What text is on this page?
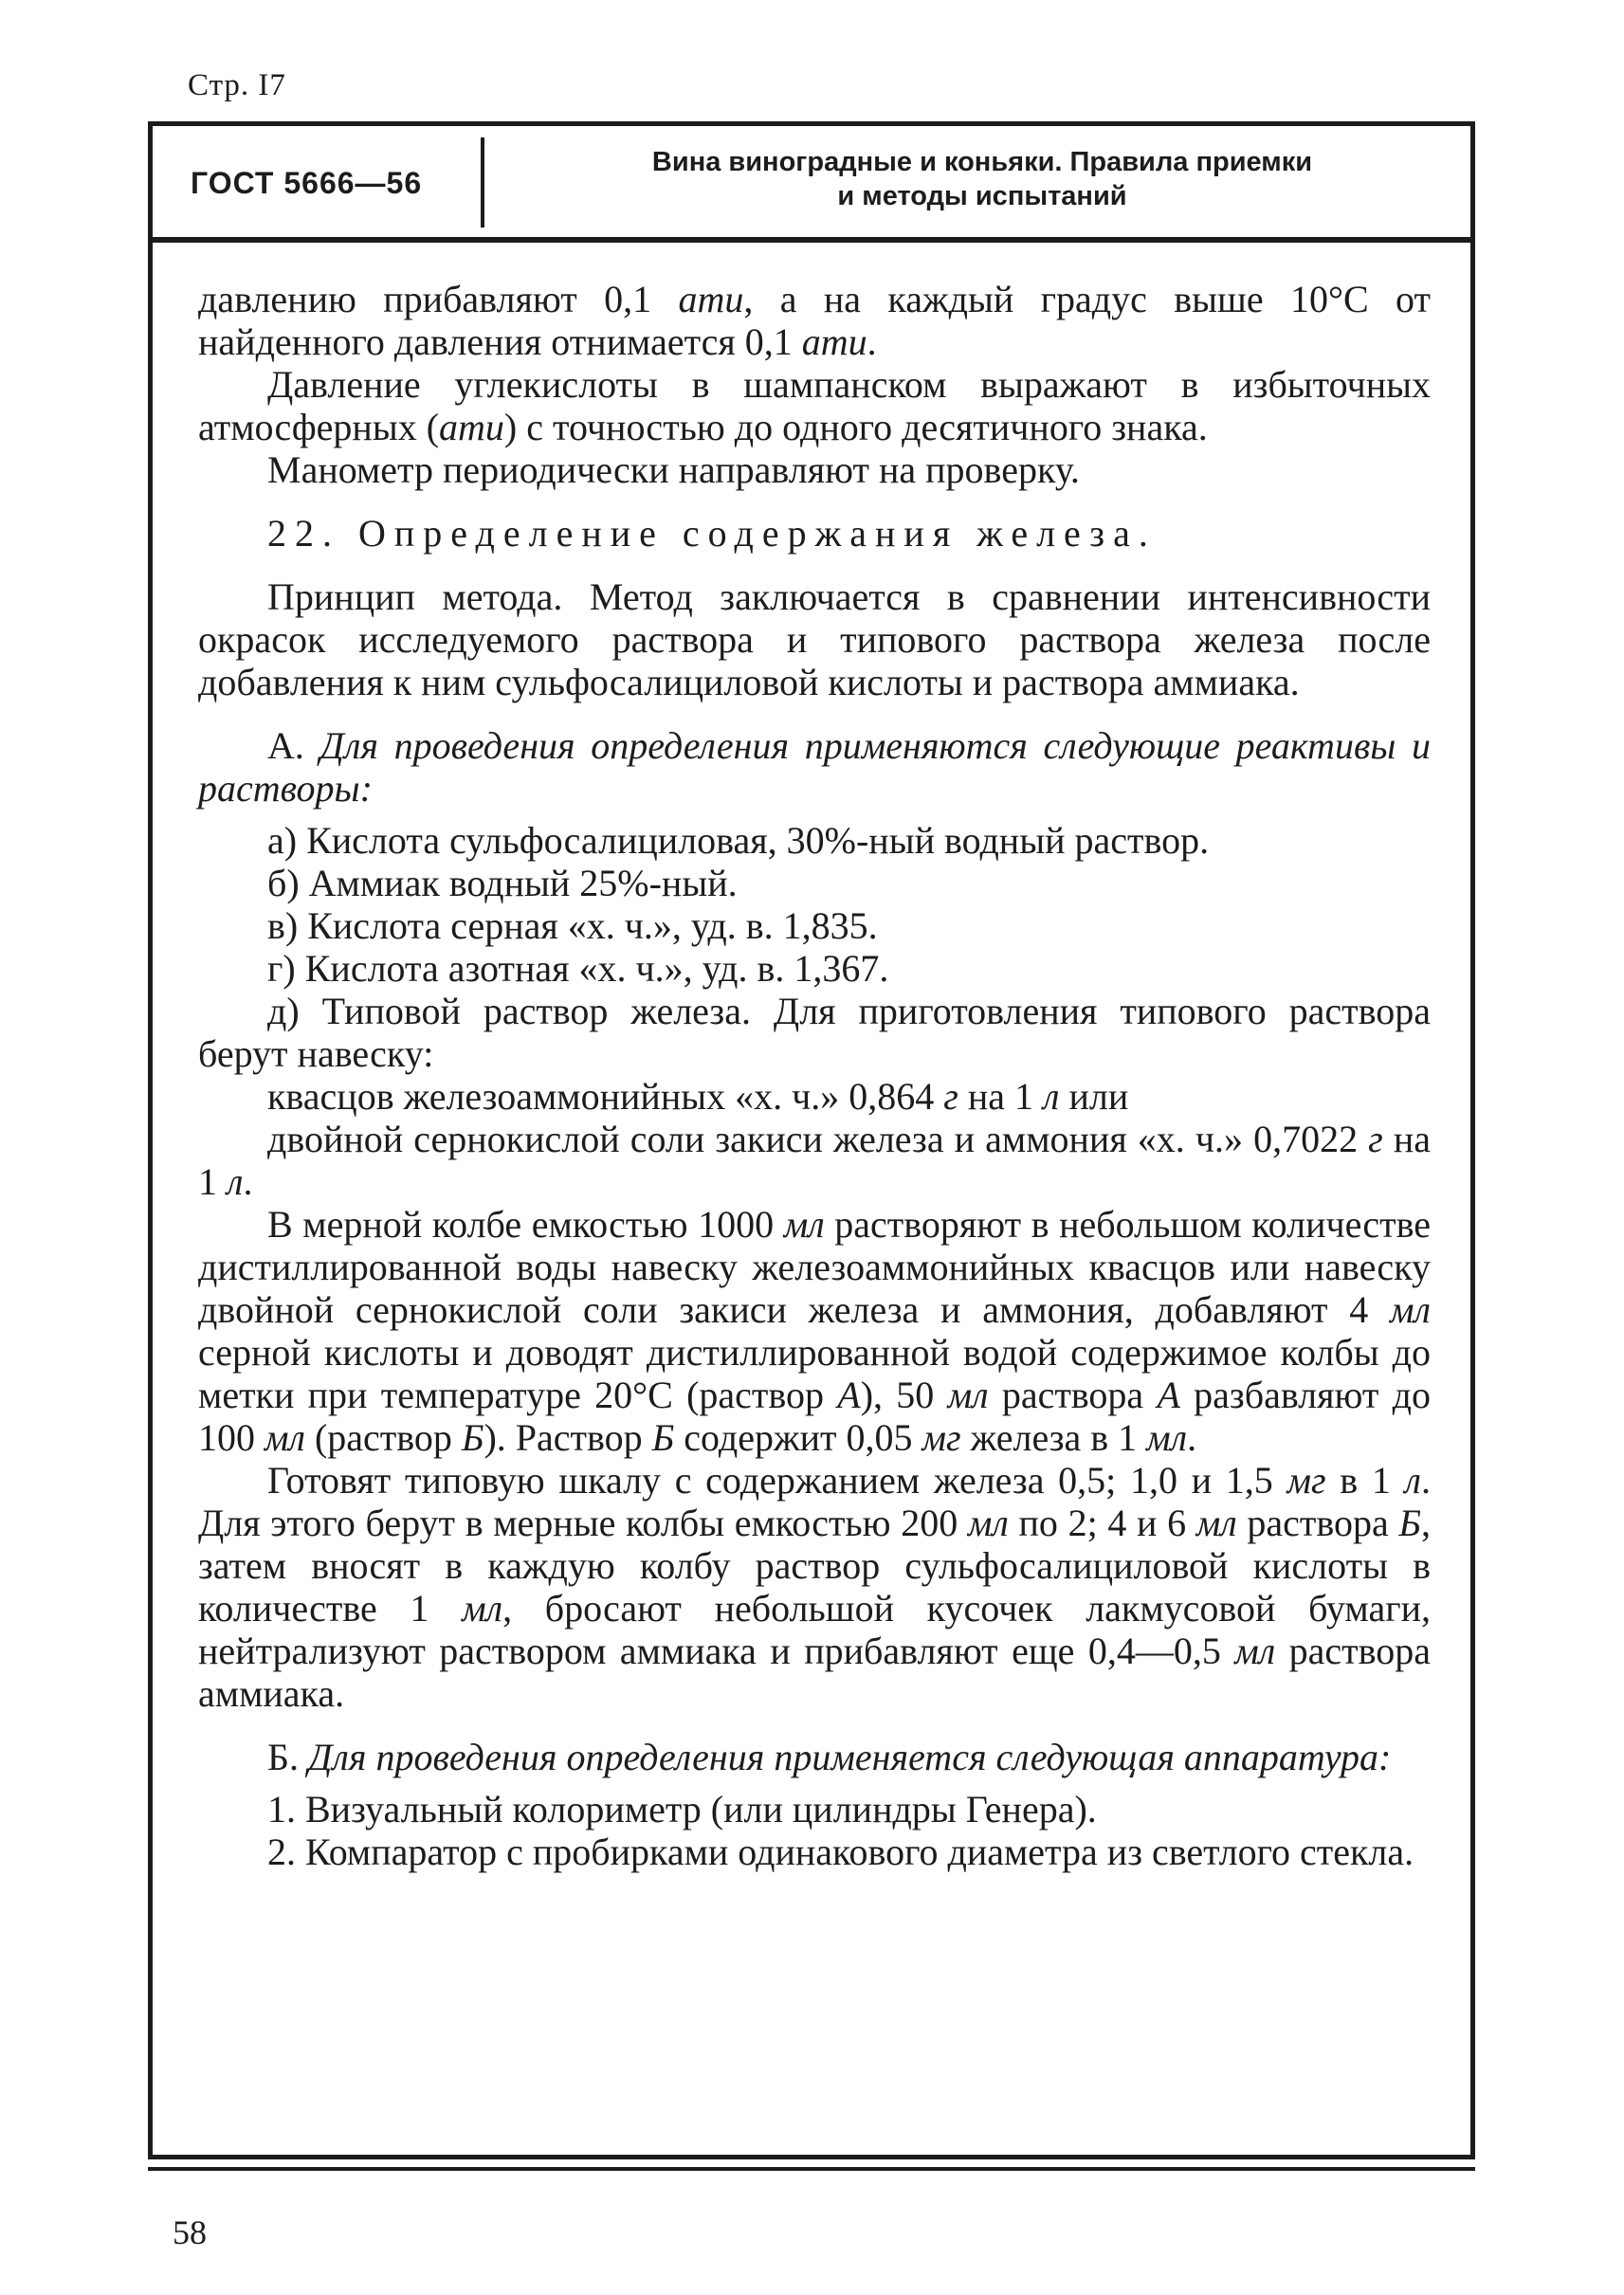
Стр. I7
ГОСТ 5666—56
Вина виноградные и коньяки. Правила приемки
и методы испытаний

давлению прибавляют 0,1 ати, а на каждый градус выше 10°С от найденного давления отнимается 0,1 ати.

Давление углекислоты в шампанском выражают в избыточных атмосферных (ати) с точностью до одного десятичного знака.

Манометр периодически направляют на проверку.

22. Определение содержания железа.

Принцип метода. Метод заключается в сравнении интенсивности окрасок исследуемого раствора и типового раствора железа после добавления к ним сульфосалициловой кислоты и раствора аммиака.

А. Для проведения определения применяются следующие реактивы и растворы:

а) Кислота сульфосалициловая, 30%-ный водный раствор.

б) Аммиак водный 25%-ный.

в) Кислота серная «х. ч.», уд. в. 1,835.

г) Кислота азотная «х. ч.», уд. в. 1,367.

д) Типовой раствор железа. Для приготовления типового раствора берут навеску:

квасцов железоаммонийных «х. ч.» 0,864 г на 1 л или

двойной сернокислой соли закиси железа и аммония «х. ч.» 0,7022 г на 1 л.

В мерной колбе емкостью 1000 мл растворяют в небольшом количестве дистиллированной воды навеску железоаммонийных квасцов или навеску двойной сернокислой соли закиси железа и аммония, добавляют 4 мл серной кислоты и доводят дистиллированной водой содержимое колбы до метки при температуре 20°С (раствор А), 50 мл раствора А разбавляют до 100 мл (раствор Б). Раствор Б содержит 0,05 мг железа в 1 мл.

Готовят типовую шкалу с содержанием железа 0,5; 1,0 и 1,5 мг в 1 л. Для этого берут в мерные колбы емкостью 200 мл по 2; 4 и 6 мл раствора Б, затем вносят в каждую колбу раствор сульфосалициловой кислоты в количестве 1 мл, бросают небольшой кусочек лакмусовой бумаги, нейтрализуют раствором аммиака и прибавляют еще 0,4—0,5 мл раствора аммиака.

Б. Для проведения определения применяется следующая аппаратура:

1. Визуальный колориметр (или цилиндры Генера).

2. Компаратор с пробирками одинакового диаметра из светлого стекла.

58
